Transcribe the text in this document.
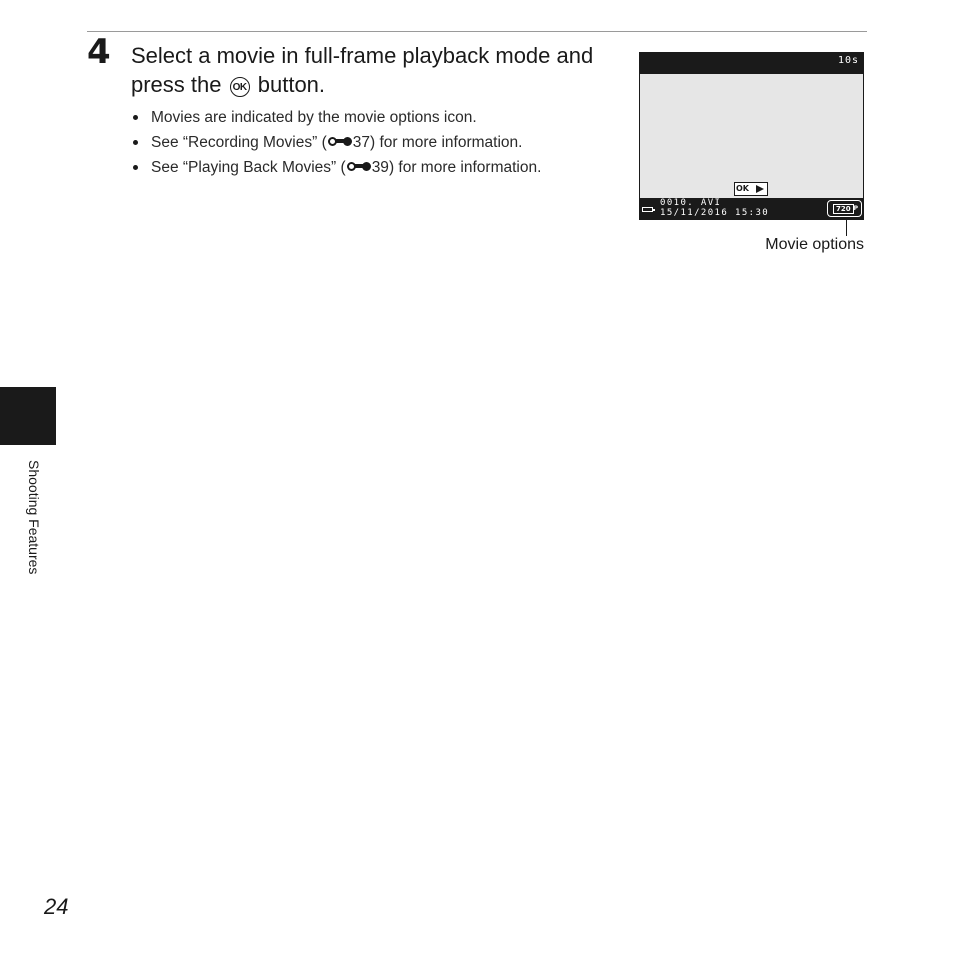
4 Select a movie in full-frame playback mode and press the OK button.
Movies are indicated by the movie options icon.
See “Recording Movies” ( 37) for more information.
See “Playing Back Movies” ( 39) for more information.
10s
OK
0010. AVI
15/11/2016 15:30	720 P
Movie options
Shooting Features
24
